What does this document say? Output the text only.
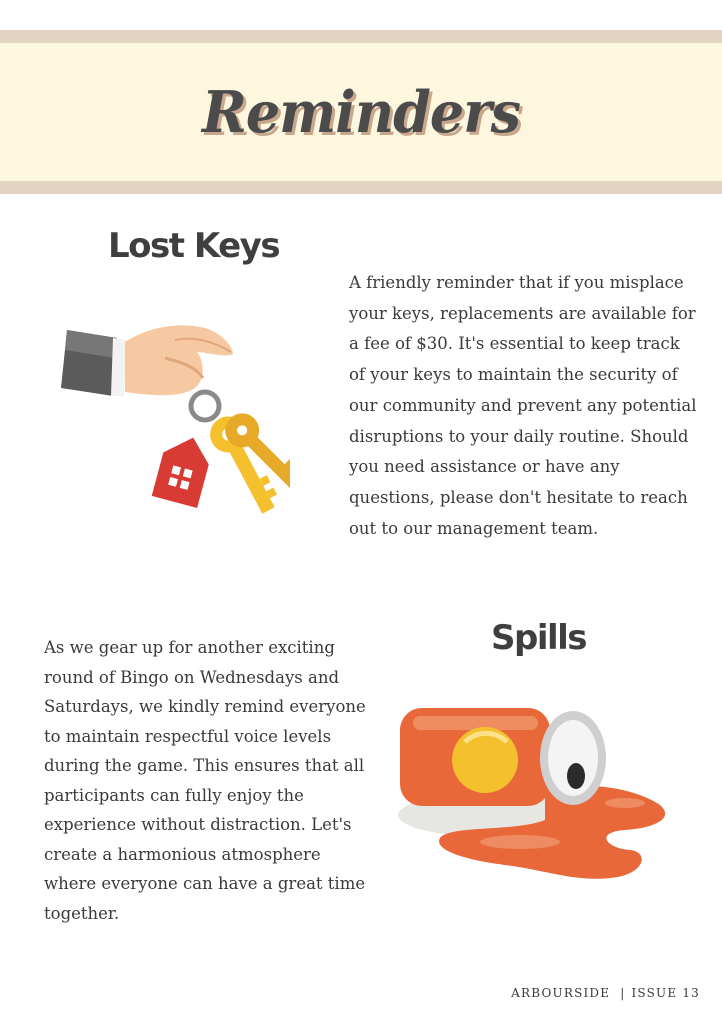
Reminders
Lost Keys
A friendly reminder that if you misplace your keys, replacements are available for a fee of $30. It's essential to keep track of your keys to maintain the security of our community and prevent any potential disruptions to your daily routine. Should you need assistance or have any questions, please don't hesitate to reach out to our management team.
As we gear up for another exciting round of Bingo on Wednesdays and Saturdays, we kindly remind everyone to maintain respectful voice levels during the game. This ensures that all participants can fully enjoy the experience without distraction. Let's create a harmonious atmosphere where everyone can have a great time together.
Spills
ARBOURSIDE | ISSUE 13
